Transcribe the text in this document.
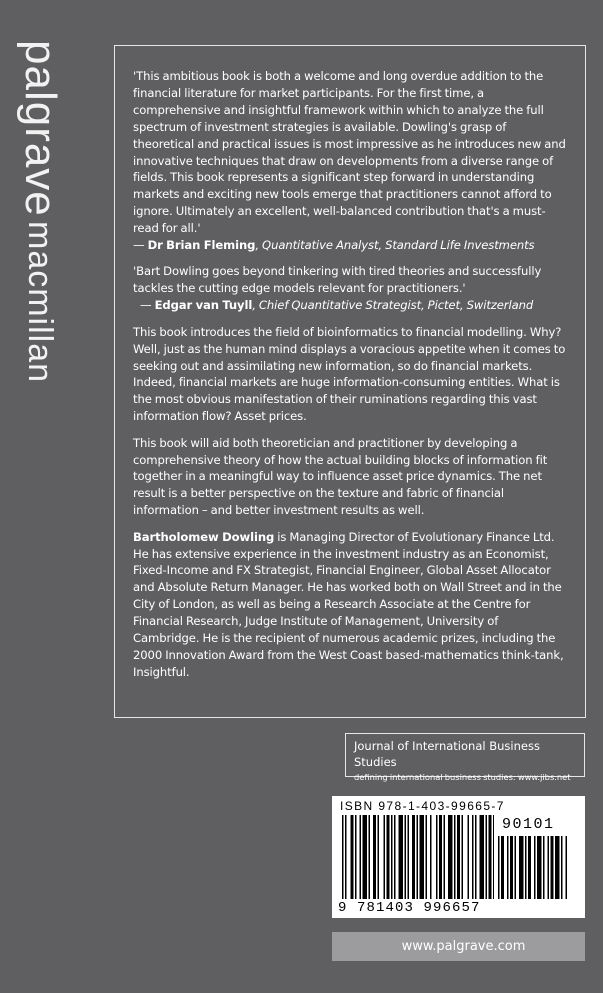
palgrave macmillan

'This ambitious book is both a welcome and long overdue addition to the financial literature for market participants. For the first time, a comprehensive and insightful framework within which to analyze the full spectrum of investment strategies is available. Dowling's grasp of theoretical and practical issues is most impressive as he introduces new and innovative techniques that draw on developments from a diverse range of fields. This book represents a significant step forward in understanding markets and exciting new tools emerge that practitioners cannot afford to ignore. Ultimately an excellent, well-balanced contribution that's a must-read for all.'
— Dr Brian Fleming, Quantitative Analyst, Standard Life Investments

'Bart Dowling goes beyond tinkering with tired theories and successfully tackles the cutting edge models relevant for practitioners.'
— Edgar van Tuyll, Chief Quantitative Strategist, Pictet, Switzerland

This book introduces the field of bioinformatics to financial modelling. Why? Well, just as the human mind displays a voracious appetite when it comes to seeking out and assimilating new information, so do financial markets. Indeed, financial markets are huge information-consuming entities. What is the most obvious manifestation of their ruminations regarding this vast information flow? Asset prices.

This book will aid both theoretician and practitioner by developing a comprehensive theory of how the actual building blocks of information fit together in a meaningful way to influence asset price dynamics. The net result is a better perspective on the texture and fabric of financial information – and better investment results as well.

Bartholomew Dowling is Managing Director of Evolutionary Finance Ltd. He has extensive experience in the investment industry as an Economist, Fixed-Income and FX Strategist, Financial Engineer, Global Asset Allocator and Absolute Return Manager. He has worked both on Wall Street and in the City of London, as well as being a Research Associate at the Centre for Financial Research, Judge Institute of Management, University of Cambridge. He is the recipient of numerous academic prizes, including the 2000 Innovation Award from the West Coast based-mathematics think-tank, Insightful.

Journal of International Business Studies
defining international business studies: www.jibs.net
ISBN 978-1-403-99665-7
90101
9 781403 996657
www.palgrave.com
